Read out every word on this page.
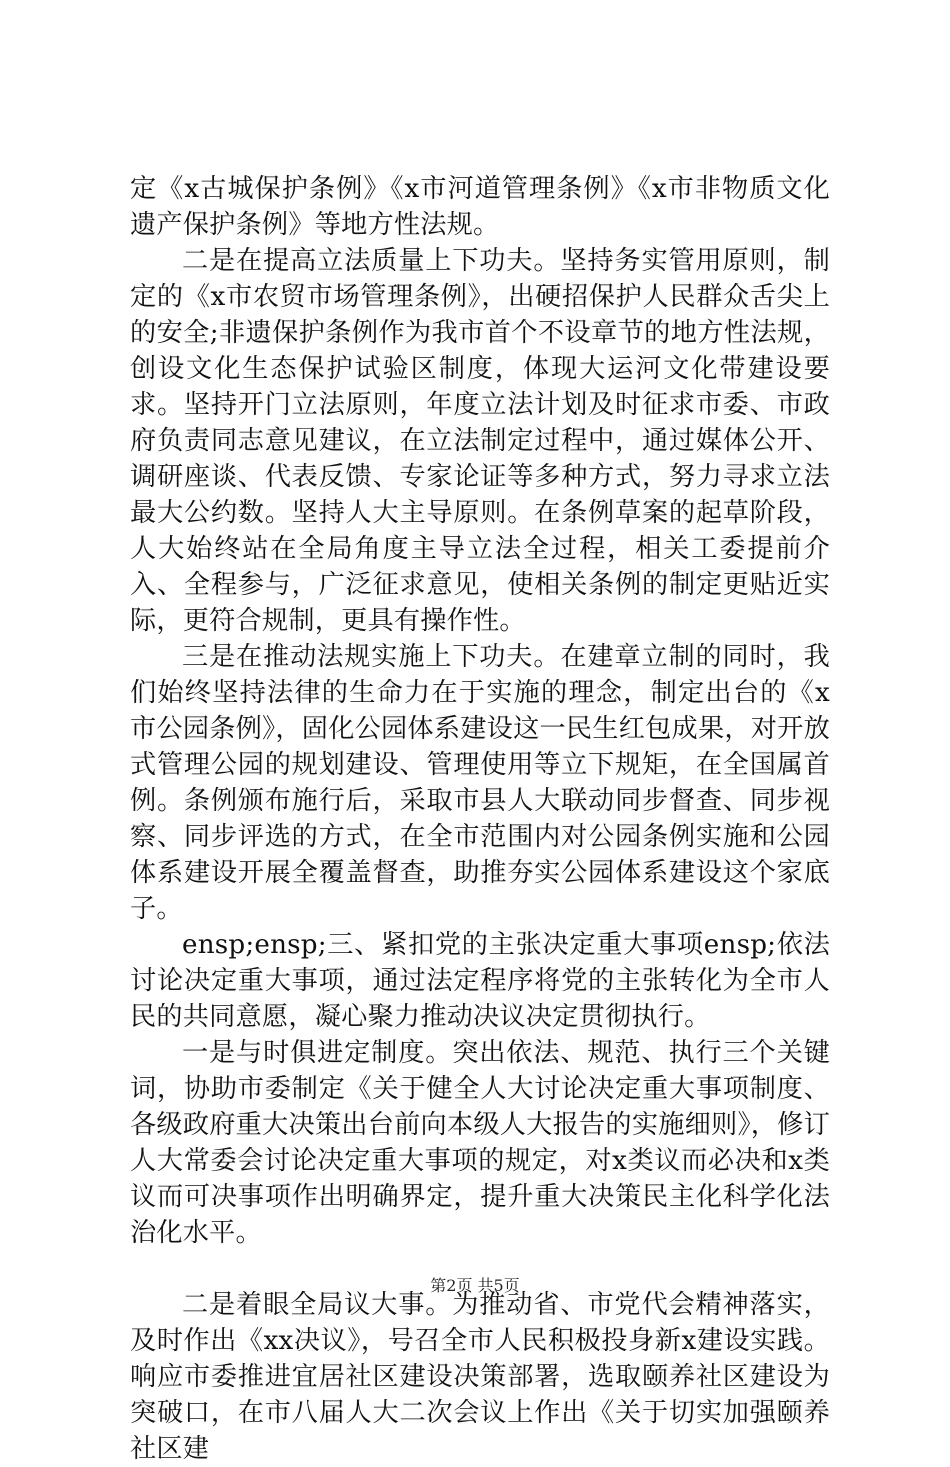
定《x古城保护条例》《x市河道管理条例》《x市非物质文化遗产保护条例》等地方性法规。

二是在提高立法质量上下功夫。坚持务实管用原则，制定的《x市农贸市场管理条例》，出硬招保护人民群众舌尖上的安全;非遗保护条例作为我市首个不设章节的地方性法规，创设文化生态保护试验区制度，体现大运河文化带建设要求。坚持开门立法原则，年度立法计划及时征求市委、市政府负责同志意见建议，在立法制定过程中，通过媒体公开、调研座谈、代表反馈、专家论证等多种方式，努力寻求立法最大公约数。坚持人大主导原则。在条例草案的起草阶段，人大始终站在全局角度主导立法全过程，相关工委提前介入、全程参与，广泛征求意见，使相关条例的制定更贴近实际，更符合规制，更具有操作性。

三是在推动法规实施上下功夫。在建章立制的同时，我们始终坚持法律的生命力在于实施的理念，制定出台的《x市公园条例》，固化公园体系建设这一民生红包成果，对开放式管理公园的规划建设、管理使用等立下规矩，在全国属首例。条例颁布施行后，采取市县人大联动同步督查、同步视察、同步评选的方式，在全市范围内对公园条例实施和公园体系建设开展全覆盖督查，助推夯实公园体系建设这个家底子。

ensp;ensp;三、紧扣党的主张决定重大事项ensp;依法讨论决定重大事项，通过法定程序将党的主张转化为全市人民的共同意愿，凝心聚力推动决议决定贯彻执行。

一是与时俱进定制度。突出依法、规范、执行三个关键词，协助市委制定《关于健全人大讨论决定重大事项制度、各级政府重大决策出台前向本级人大报告的实施细则》，修订人大常委会讨论决定重大事项的规定，对x类议而必决和x类议而可决事项作出明确界定，提升重大决策民主化科学化法治化水平。

二是着眼全局议大事。为推动省、市党代会精神落实，及时作出《xx决议》，号召全市人民积极投身新x建设实践。响应市委推进宜居社区建设决策部署，选取颐养社区建设为突破口，在市八届人大二次会议上作出《关于切实加强颐养社区建

第2页 共5页
